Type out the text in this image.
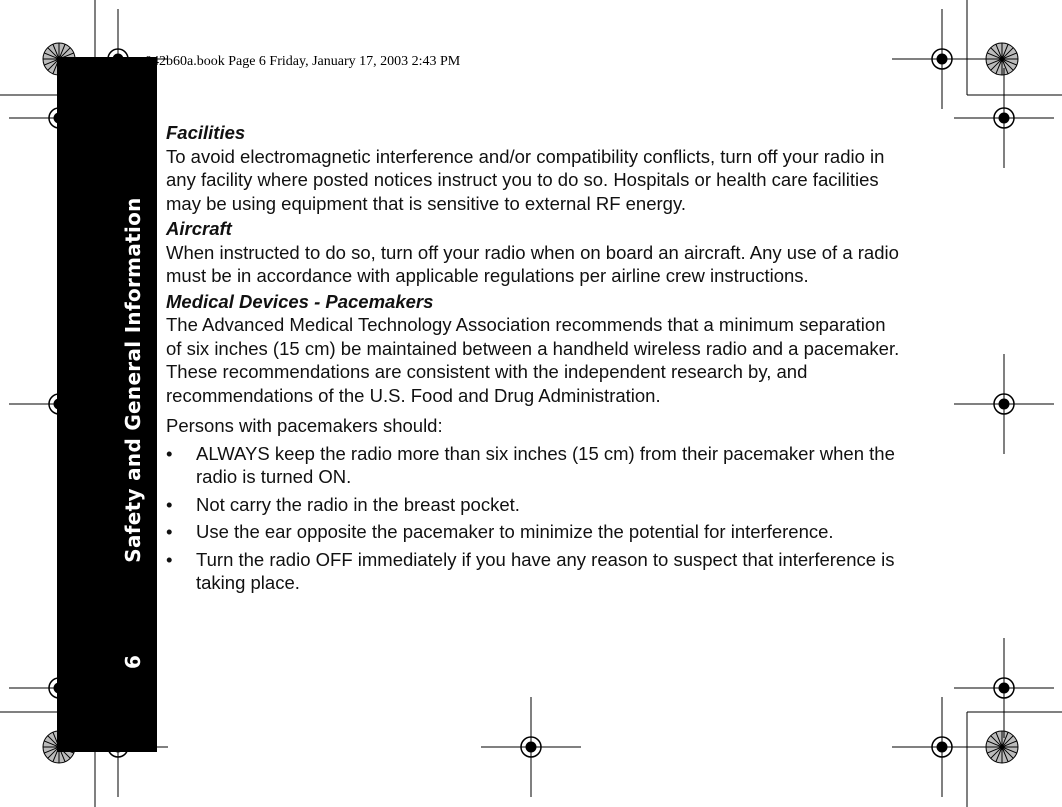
Safety and General Information
6
042b60a.book Page 6 Friday, January 17, 2003 2:43 PM
Facilities

To avoid electromagnetic interference and/or compatibility conflicts, turn off your radio in any facility where posted notices instruct you to do so. Hospitals or health care facilities may be using equipment that is sensitive to external RF energy.

Aircraft

When instructed to do so, turn off your radio when on board an aircraft. Any use of a radio must be in accordance with applicable regulations per airline crew instructions.

Medical Devices - Pacemakers

The Advanced Medical Technology Association recommends that a minimum separation of six inches (15 cm) be maintained between a handheld wireless radio and a pacemaker. These recommendations are consistent with the independent research by, and recommendations of the U.S. Food and Drug Administration.

Persons with pacemakers should:

• ALWAYS keep the radio more than six inches (15 cm) from their pacemaker when the radio is turned ON.
• Not carry the radio in the breast pocket.
• Use the ear opposite the pacemaker to minimize the potential for interference.
• Turn the radio OFF immediately if you have any reason to suspect that interference is taking place.
